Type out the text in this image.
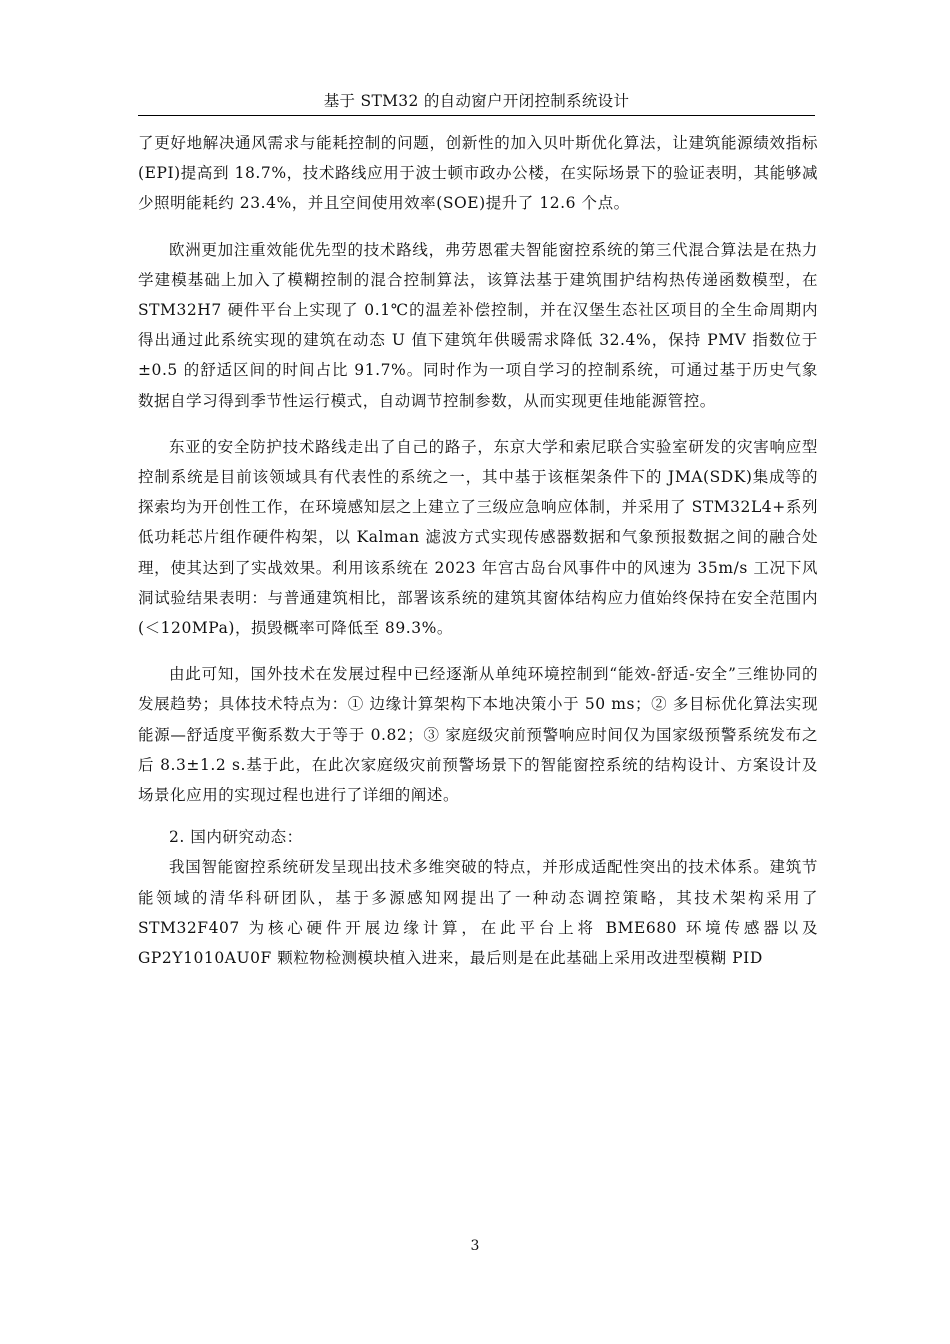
基于 STM32 的自动窗户开闭控制系统设计

了更好地解决通风需求与能耗控制的问题，创新性的加入贝叶斯优化算法，让建筑能源绩效指标(EPI)提高到 18.7%，技术路线应用于波士顿市政办公楼，在实际场景下的验证表明，其能够减少照明能耗约 23.4%，并且空间使用效率(SOE)提升了 12.6 个点。

欧洲更加注重效能优先型的技术路线，弗劳恩霍夫智能窗控系统的第三代混合算法是在热力学建模基础上加入了模糊控制的混合控制算法，该算法基于建筑围护结构热传递函数模型，在 STM32H7 硬件平台上实现了 0.1℃的温差补偿控制，并在汉堡生态社区项目的全生命周期内得出通过此系统实现的建筑在动态 U 值下建筑年供暖需求降低 32.4%，保持 PMV 指数位于±0.5 的舒适区间的时间占比 91.7%。同时作为一项自学习的控制系统，可通过基于历史气象数据自学习得到季节性运行模式，自动调节控制参数，从而实现更佳地能源管控。

东亚的安全防护技术路线走出了自己的路子，东京大学和索尼联合实验室研发的灾害响应型控制系统是目前该领域具有代表性的系统之一，其中基于该框架条件下的 JMA(SDK)集成等的探索均为开创性工作，在环境感知层之上建立了三级应急响应体制，并采用了 STM32L4+系列低功耗芯片组作硬件构架，以 Kalman 滤波方式实现传感器数据和气象预报数据之间的融合处理，使其达到了实战效果。利用该系统在 2023 年宫古岛台风事件中的风速为 35m/s 工况下风洞试验结果表明：与普通建筑相比，部署该系统的建筑其窗体结构应力值始终保持在安全范围内(＜120MPa)，损毁概率可降低至 89.3%。

由此可知，国外技术在发展过程中已经逐渐从单纯环境控制到“能效-舒适-安全”三维协同的发展趋势；具体技术特点为：① 边缘计算架构下本地决策小于 50 ms；② 多目标优化算法实现能源—舒适度平衡系数大于等于 0.82；③ 家庭级灾前预警响应时间仅为国家级预警系统发布之后 8.3±1.2 s.基于此，在此次家庭级灾前预警场景下的智能窗控系统的结构设计、方案设计及场景化应用的实现过程也进行了详细的阐述。

2. 国内研究动态：

我国智能窗控系统研发呈现出技术多维突破的特点，并形成适配性突出的技术体系。建筑节能领域的清华科研团队，基于多源感知网提出了一种动态调控策略，其技术架构采用了 STM32F407 为核心硬件开展边缘计算，在此平台上将 BME680 环境传感器以及 GP2Y1010AU0F 颗粒物检测模块植入进来，最后则是在此基础上采用改进型模糊 PID

3
